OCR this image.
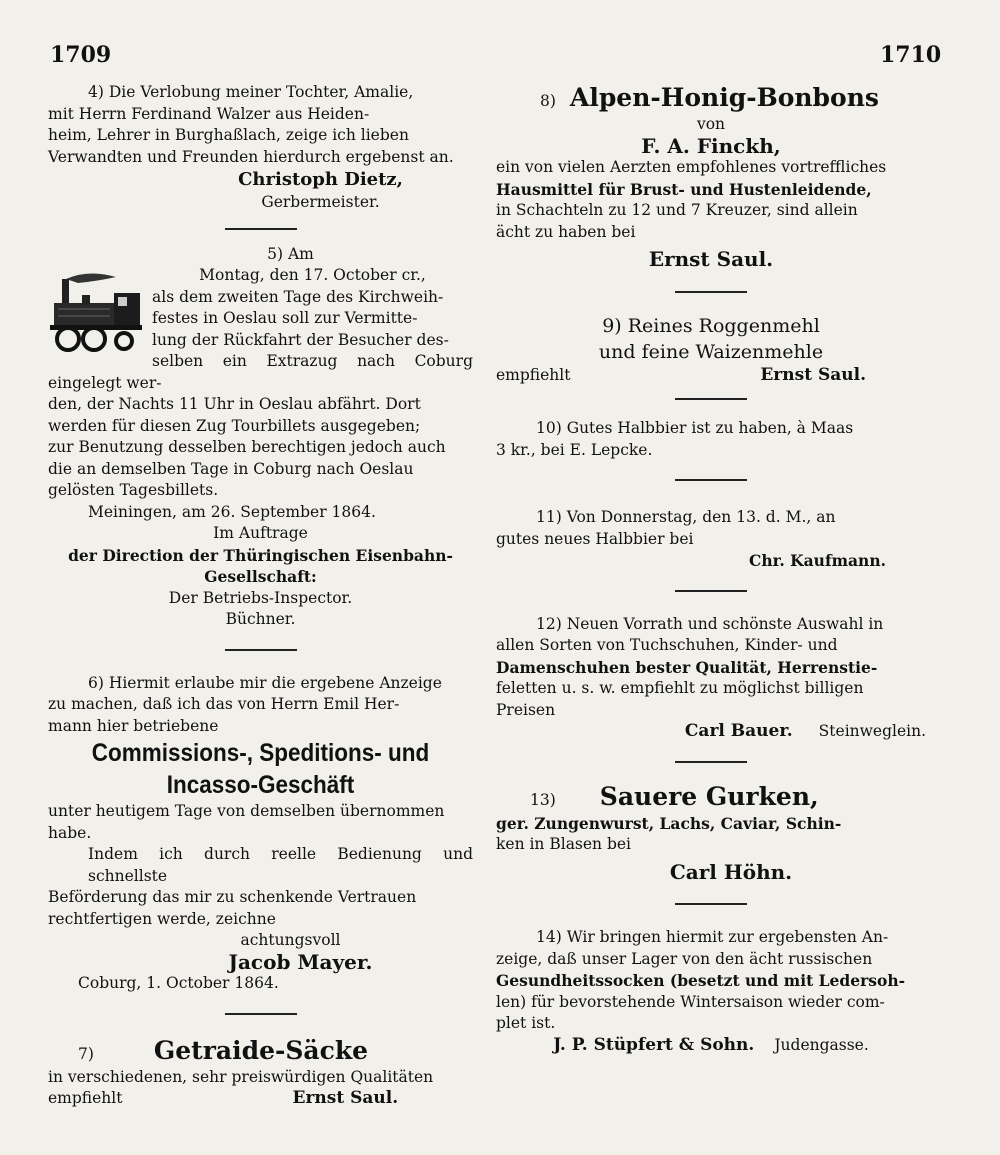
1709	1710

4) Die Verlobung meiner Tochter, Amalie,

mit Herrn Ferdinand Walzer aus Heiden-

heim, Lehrer in Burghaßlach, zeige ich lieben

Verwandten und Freunden hierdurch ergebenst an.

Christoph Dietz,

Gerbermeister.

5) Am

Montag, den 17. October cr.,

als dem zweiten Tage des Kirchweih-

festes in Oeslau soll zur Vermitte-

lung der Rückfahrt der Besucher des-

selben ein Extrazug nach Coburg eingelegt wer-

den, der Nachts 11 Uhr in Oeslau abfährt. Dort

werden für diesen Zug Tourbillets ausgegeben;

zur Benutzung desselben berechtigen jedoch auch

die an demselben Tage in Coburg nach Oeslau

gelösten Tagesbillets.

Meiningen, am 26. September 1864.

Im Auftrage

der Direction der Thüringischen Eisenbahn-Gesellschaft:

Der Betriebs-Inspector.

Büchner.

6) Hiermit erlaube mir die ergebene Anzeige

zu machen, daß ich das von Herrn Emil Her-

mann hier betriebene

Commissions-, Speditions- und

Incasso-Geschäft

unter heutigem Tage von demselben übernommen

habe.

Indem ich durch reelle Bedienung und schnellste

Beförderung das mir zu schenkende Vertrauen

rechtfertigen werde, zeichne

achtungsvoll

Jacob Mayer.

Coburg, 1. October 1864.

7) Getraide-Säcke

in verschiedenen, sehr preiswürdigen Qualitäten

empfiehlt	Ernst Saul.
8) Alpen-Honig-Bonbons

von

F. A. Finckh,

ein von vielen Aerzten empfohlenes vortreffliches

Hausmittel für Brust- und Hustenleidende,

in Schachteln zu 12 und 7 Kreuzer, sind allein

ächt zu haben bei

Ernst Saul.

9) Reines Roggenmehl

und feine Waizenmehle

empfiehlt	Ernst Saul.

10) Gutes Halbbier ist zu haben, à Maas

3 kr., bei E. Lepcke.

11) Von Donnerstag, den 13. d. M., an

gutes neues Halbbier bei

Chr. Kaufmann.

12) Neuen Vorrath und schönste Auswahl in

allen Sorten von Tuchschuhen, Kinder- und

Damenschuhen bester Qualität, Herrenstie-

feletten u. s. w. empfiehlt zu möglichst billigen

Preisen

Carl Bauer. Steinweglein.
13) Sauere Gurken,

ger. Zungenwurst, Lachs, Caviar, Schin-

ken in Blasen bei

Carl Höhn.

14) Wir bringen hiermit zur ergebensten An-

zeige, daß unser Lager von den ächt russischen

Gesundheitssocken (besetzt und mit Ledersoh-

len) für bevorstehende Wintersaison wieder com-

plet ist.

J. P. Stüpfert & Sohn. Judengasse.
